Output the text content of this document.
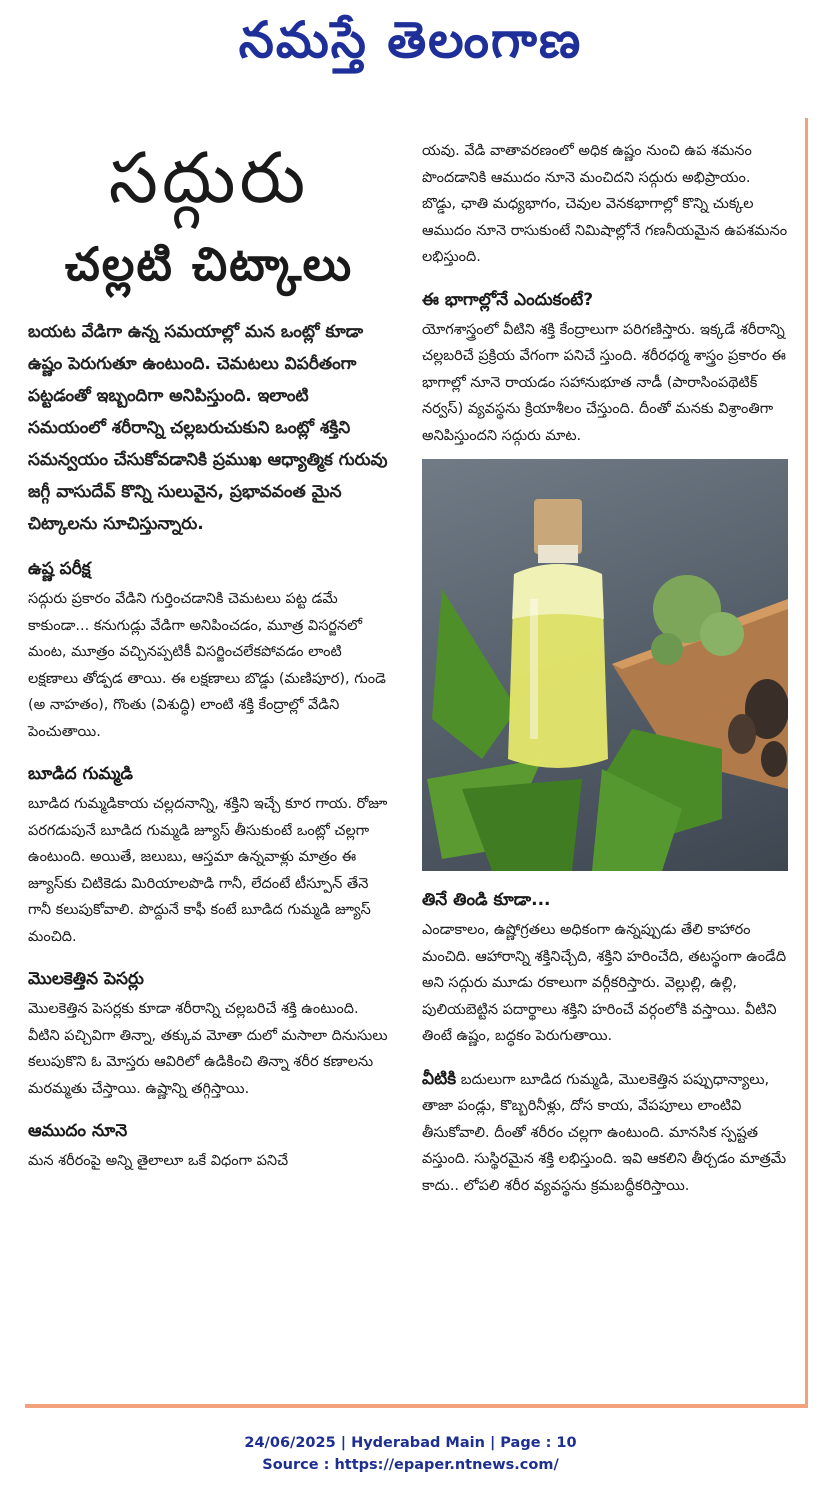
నమస్తే తెలంగాణ
సద్గురు
చల్లటి చిట్కాలు

బయట వేడిగా ఉన్న సమయాల్లో మన ఒంట్లో కూడా ఉష్ణం పెరుగుతూ ఉంటుంది. చెమటలు విపరీతంగా పట్టడంతో ఇబ్బందిగా అనిపిస్తుంది. ఇలాంటి సమయంలో శరీరాన్ని చల్లబరుచుకుని ఒంట్లో శక్తిని సమన్వయం చేసుకోవడానికి ప్రముఖ ఆధ్యాత్మిక గురువు జగ్గీ వాసుదేవ్ కొన్ని సులువైన, ప్రభావవంత మైన చిట్కాలను సూచిస్తున్నారు.

ఉష్ణ పరీక్ష

సద్గురు ప్రకారం వేడిని గుర్తించడానికి చెమటలు పట్ట డమే కాకుండా... కనుగుడ్లు వేడిగా అనిపించడం, మూత్ర విసర్జనలో మంట, మూత్రం వచ్చినప్పటికీ విసర్జించలేకపోవడం లాంటి లక్షణాలు తోడ్పడ తాయి. ఈ లక్షణాలు బొడ్డు (మణిపూర), గుండె (అ నాహతం), గొంతు (విశుద్ధి) లాంటి శక్తి కేంద్రాల్లో వేడిని పెంచుతాయి.

బూడిద గుమ్మడి

బూడిద గుమ్మడికాయ చల్లదనాన్ని, శక్తిని ఇచ్చే కూర గాయ. రోజూ పరగడుపునే బూడిద గుమ్మడి జ్యూస్ తీసుకుంటే ఒంట్లో చల్లగా ఉంటుంది. అయితే, జలుబు, ఆస్తమా ఉన్నవాళ్లు మాత్రం ఈ జ్యూస్‌కు చిటికెడు మిరియాలపొడి గానీ, లేదంటే టీస్పూన్ తేనె గానీ కలుపుకోవాలి. పొద్దునే కాఫీ కంటే బూడిద గుమ్మడి జ్యూస్ మంచిది.

మొలకెత్తిన పెసర్లు

మొలకెత్తిన పెసర్లకు కూడా శరీరాన్ని చల్లబరిచే శక్తి ఉంటుంది. వీటిని పచ్చివిగా తిన్నా, తక్కువ మోతా దులో మసాలా దినుసులు కలుపుకొని ఓ మోస్తరు ఆవిరిలో ఉడికించి తిన్నా శరీర కణాలను మరమ్మతు చేస్తాయి. ఉష్ణాన్ని తగ్గిస్తాయి.

ఆముదం నూనె

మన శరీరంపై అన్ని తైలాలూ ఒకే విధంగా పనిచే

యవు. వేడి వాతావరణంలో అధిక ఉష్ణం నుంచి ఉప శమనం పొందడానికి ఆముదం నూనె మంచిదని సద్గురు అభిప్రాయం. బొడ్డు, ఛాతి మధ్యభాగం, చెవుల వెనకభాగాల్లో కొన్ని చుక్కల ఆముదం నూనె రాసుకుంటే నిమిషాల్లోనే గణనీయమైన ఉపశమనం లభిస్తుంది.

ఈ భాగాల్లోనే ఎందుకంటే?

యోగశాస్త్రంలో వీటిని శక్తి కేంద్రాలుగా పరిగణిస్తారు. ఇక్కడే శరీరాన్ని చల్లబరిచే ప్రక్రియ వేగంగా పనిచే స్తుంది. శరీరధర్మ శాస్త్రం ప్రకారం ఈ భాగాల్లో నూనె రాయడం సహానుభూత నాడీ (పారాసింపథెటిక్ నర్వస్) వ్యవస్థను క్రియాశీలం చేస్తుంది. దీంతో మనకు విశ్రాంతిగా అనిపిస్తుందని సద్గురు మాట.

తినే తిండి కూడా...

ఎండాకాలం, ఉష్ణోగ్రతలు అధికంగా ఉన్నప్పుడు తేలి కాహారం మంచిది. ఆహారాన్ని శక్తినిచ్చేది, శక్తిని హరించేది, తటస్థంగా ఉండేది అని సద్గురు మూడు రకాలుగా వర్గీకరిస్తారు. వెల్లుల్లి, ఉల్లి, పులియబెట్టిన పదార్థాలు శక్తిని హరించే వర్గంలోకి వస్తాయి. వీటిని తింటే ఉష్ణం, బద్ధకం పెరుగుతాయి.

వీటికి బదులుగా బూడిద గుమ్మడి, మొలకెత్తిన పప్పుధాన్యాలు, తాజా పండ్లు, కొబ్బరినీళ్లు, దోస కాయ, వేపపూలు లాంటివి తీసుకోవాలి. దీంతో శరీరం చల్లగా ఉంటుంది. మానసిక స్పష్టత వస్తుంది. సుస్థిరమైన శక్తి లభిస్తుంది. ఇవి ఆకలిని తీర్చడం మాత్రమే కాదు.. లోపలి శరీర వ్యవస్థను క్రమబద్ధీకరిస్తాయి.

24/06/2025 | Hyderabad Main | Page : 10
Source : https://epaper.ntnews.com/
